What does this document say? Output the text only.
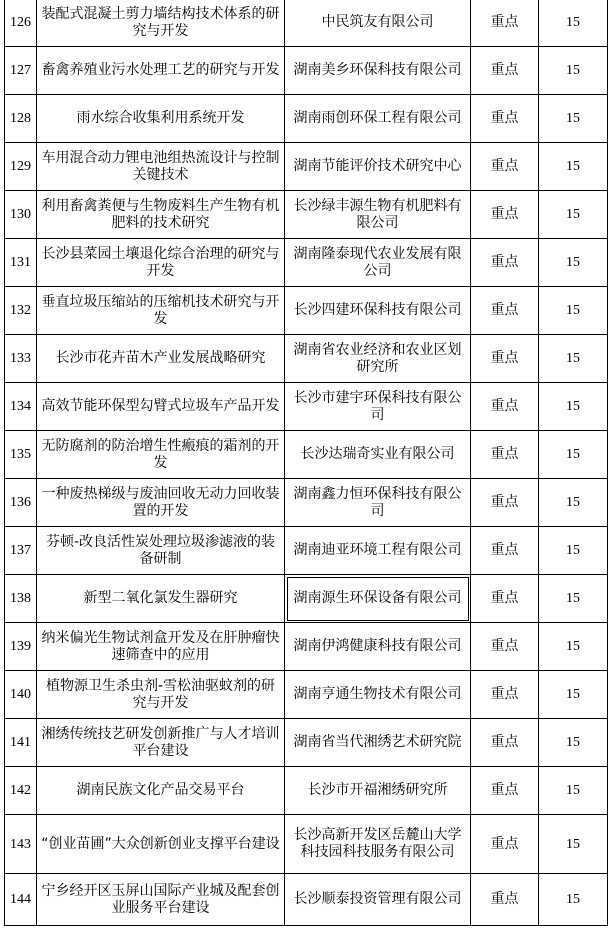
126	装配式混凝土剪力墙结构技术体系的研究与开发	中民筑友有限公司	重点	15
127	畜禽养殖业污水处理工艺的研究与开发	湖南美乡环保科技有限公司	重点	15
128	雨水综合收集利用系统开发	湖南雨创环保工程有限公司	重点	15
129	车用混合动力锂电池组热流设计与控制关键技术	湖南节能评价技术研究中心	重点	15
130	利用畜禽粪便与生物废料生产生物有机肥料的技术研究	长沙绿丰源生物有机肥料有限公司	重点	15
131	长沙县菜园土壤退化综合治理的研究与开发	湖南隆泰现代农业发展有限公司	重点	15
132	垂直垃圾压缩站的压缩机技术研究与开发	长沙四建环保科技有限公司	重点	15
133	长沙市花卉苗木产业发展战略研究	湖南省农业经济和农业区划研究所	重点	15
134	高效节能环保型勾臂式垃圾车产品开发	长沙市建宇环保科技有限公司	重点	15
135	无防腐剂的防治增生性瘢痕的霜剂的开发	长沙达瑞奇实业有限公司	重点	15
136	一种废热梯级与废油回收无动力回收装置的开发	湖南鑫力恒环保科技有限公司	重点	15
137	芬顿-改良活性炭处理垃圾渗滤液的装备研制	湖南迪亚环境工程有限公司	重点	15
138	新型二氧化氯发生器研究	湖南源生环保设备有限公司	重点	15
139	纳米偏光生物试剂盒开发及在肝肿瘤快速筛查中的应用	湖南伊鸿健康科技有限公司	重点	15
140	植物源卫生杀虫剂-雪松油驱蚊剂的研究与开发	湖南亨通生物技术有限公司	重点	15
141	湘绣传统技艺研发创新推广与人才培训平台建设	湖南省当代湘绣艺术研究院	重点	15
142	湖南民族文化产品交易平台	长沙市开福湘绣研究所	重点	15
143	“创业苗圃”大众创新创业支撑平台建设	长沙高新开发区岳麓山大学科技园科技服务有限公司	重点	15
144	宁乡经开区玉屏山国际产业城及配套创业服务平台建设	长沙顺泰投资管理有限公司	重点	15
